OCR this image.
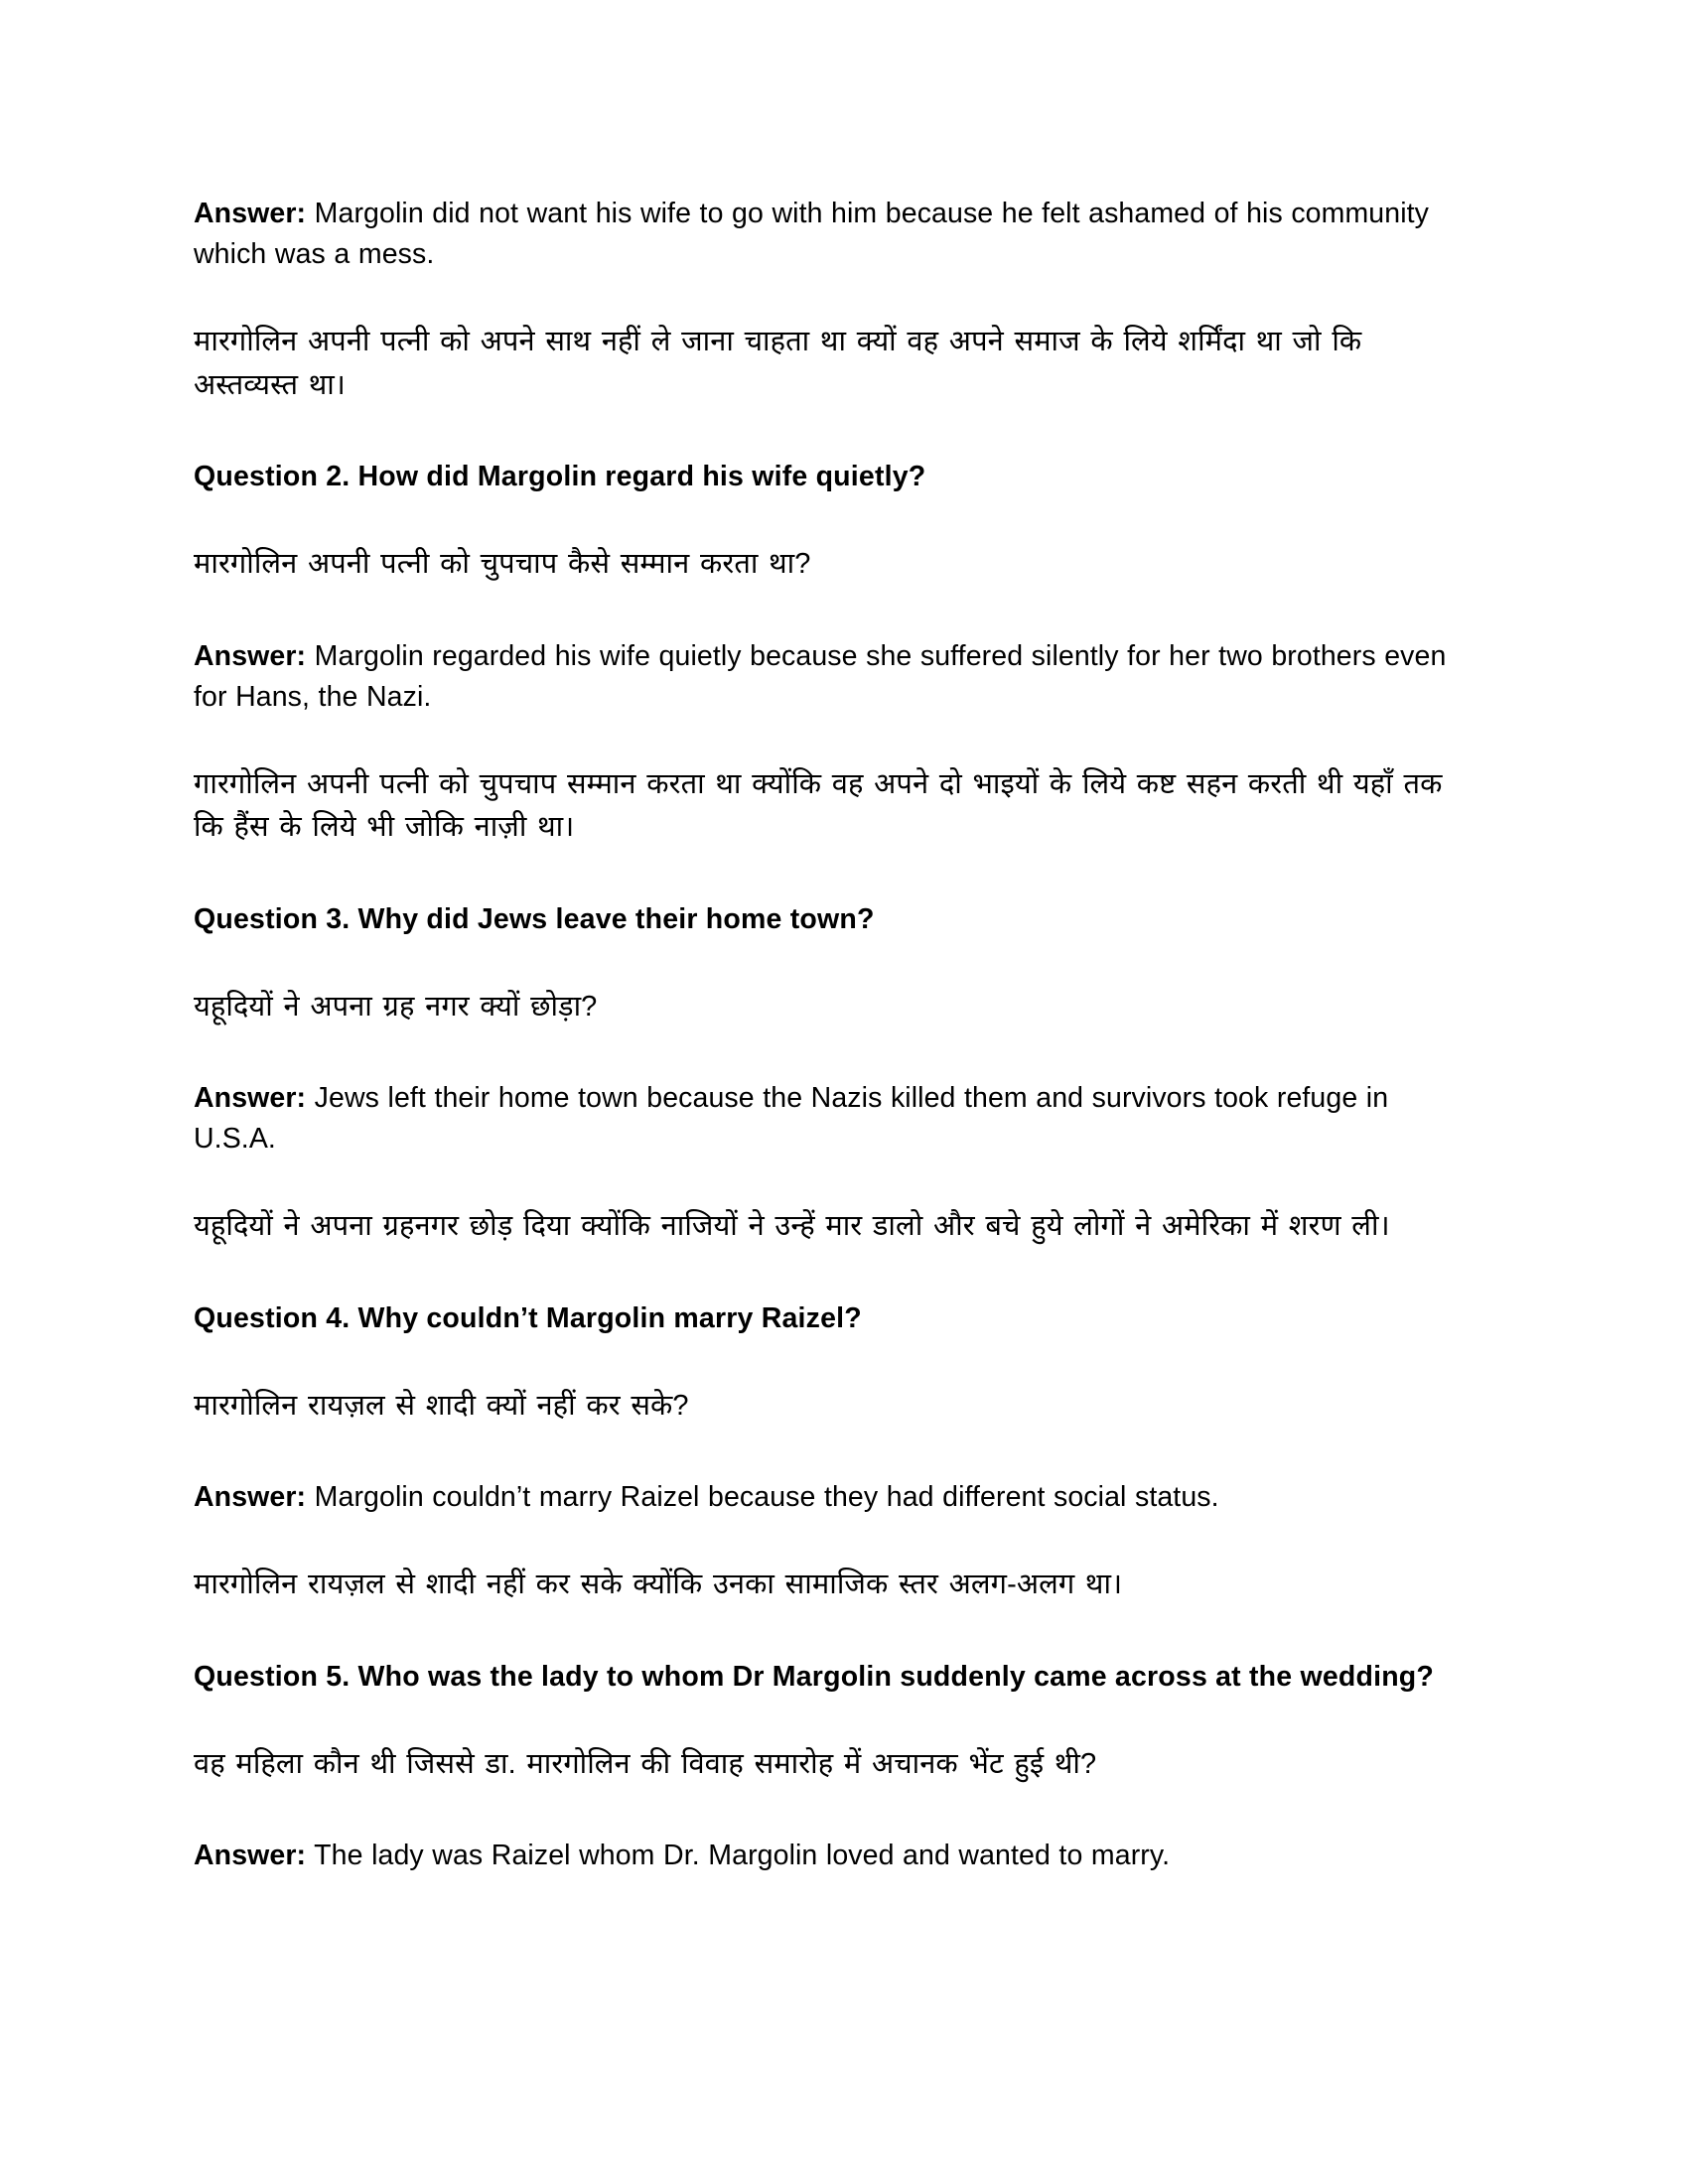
Answer: Margolin did not want his wife to go with him because he felt ashamed of his community which was a mess.

मारगोलिन अपनी पत्नी को अपने साथ नहीं ले जाना चाहता था क्यों वह अपने समाज के लिये शर्मिंदा था जो कि अस्तव्यस्त था।

Question 2. How did Margolin regard his wife quietly?

मारगोलिन अपनी पत्नी को चुपचाप कैसे सम्मान करता था?

Answer: Margolin regarded his wife quietly because she suffered silently for her two brothers even for Hans, the Nazi.

गारगोलिन अपनी पत्नी को चुपचाप सम्मान करता था क्योंकि वह अपने दो भाइयों के लिये कष्ट सहन करती थी यहाँ तक कि हैंस के लिये भी जोकि नाज़ी था।

Question 3. Why did Jews leave their home town?

यहूदियों ने अपना ग्रह नगर क्यों छोड़ा?

Answer: Jews left their home town because the Nazis killed them and survivors took refuge in U.S.A.

यहूदियों ने अपना ग्रहनगर छोड़ दिया क्योंकि नाजियों ने उन्हें मार डालो और बचे हुये लोगों ने अमेरिका में शरण ली।

Question 4. Why couldn’t Margolin marry Raizel?

मारगोलिन रायज़ल से शादी क्यों नहीं कर सके?

Answer: Margolin couldn’t marry Raizel because they had different social status.

मारगोलिन रायज़ल से शादी नहीं कर सके क्योंकि उनका सामाजिक स्तर अलग-अलग था।

Question 5. Who was the lady to whom Dr Margolin suddenly came across at the wedding?

वह महिला कौन थी जिससे डा. मारगोलिन की विवाह समारोह में अचानक भेंट हुई थी?

Answer: The lady was Raizel whom Dr. Margolin loved and wanted to marry.
